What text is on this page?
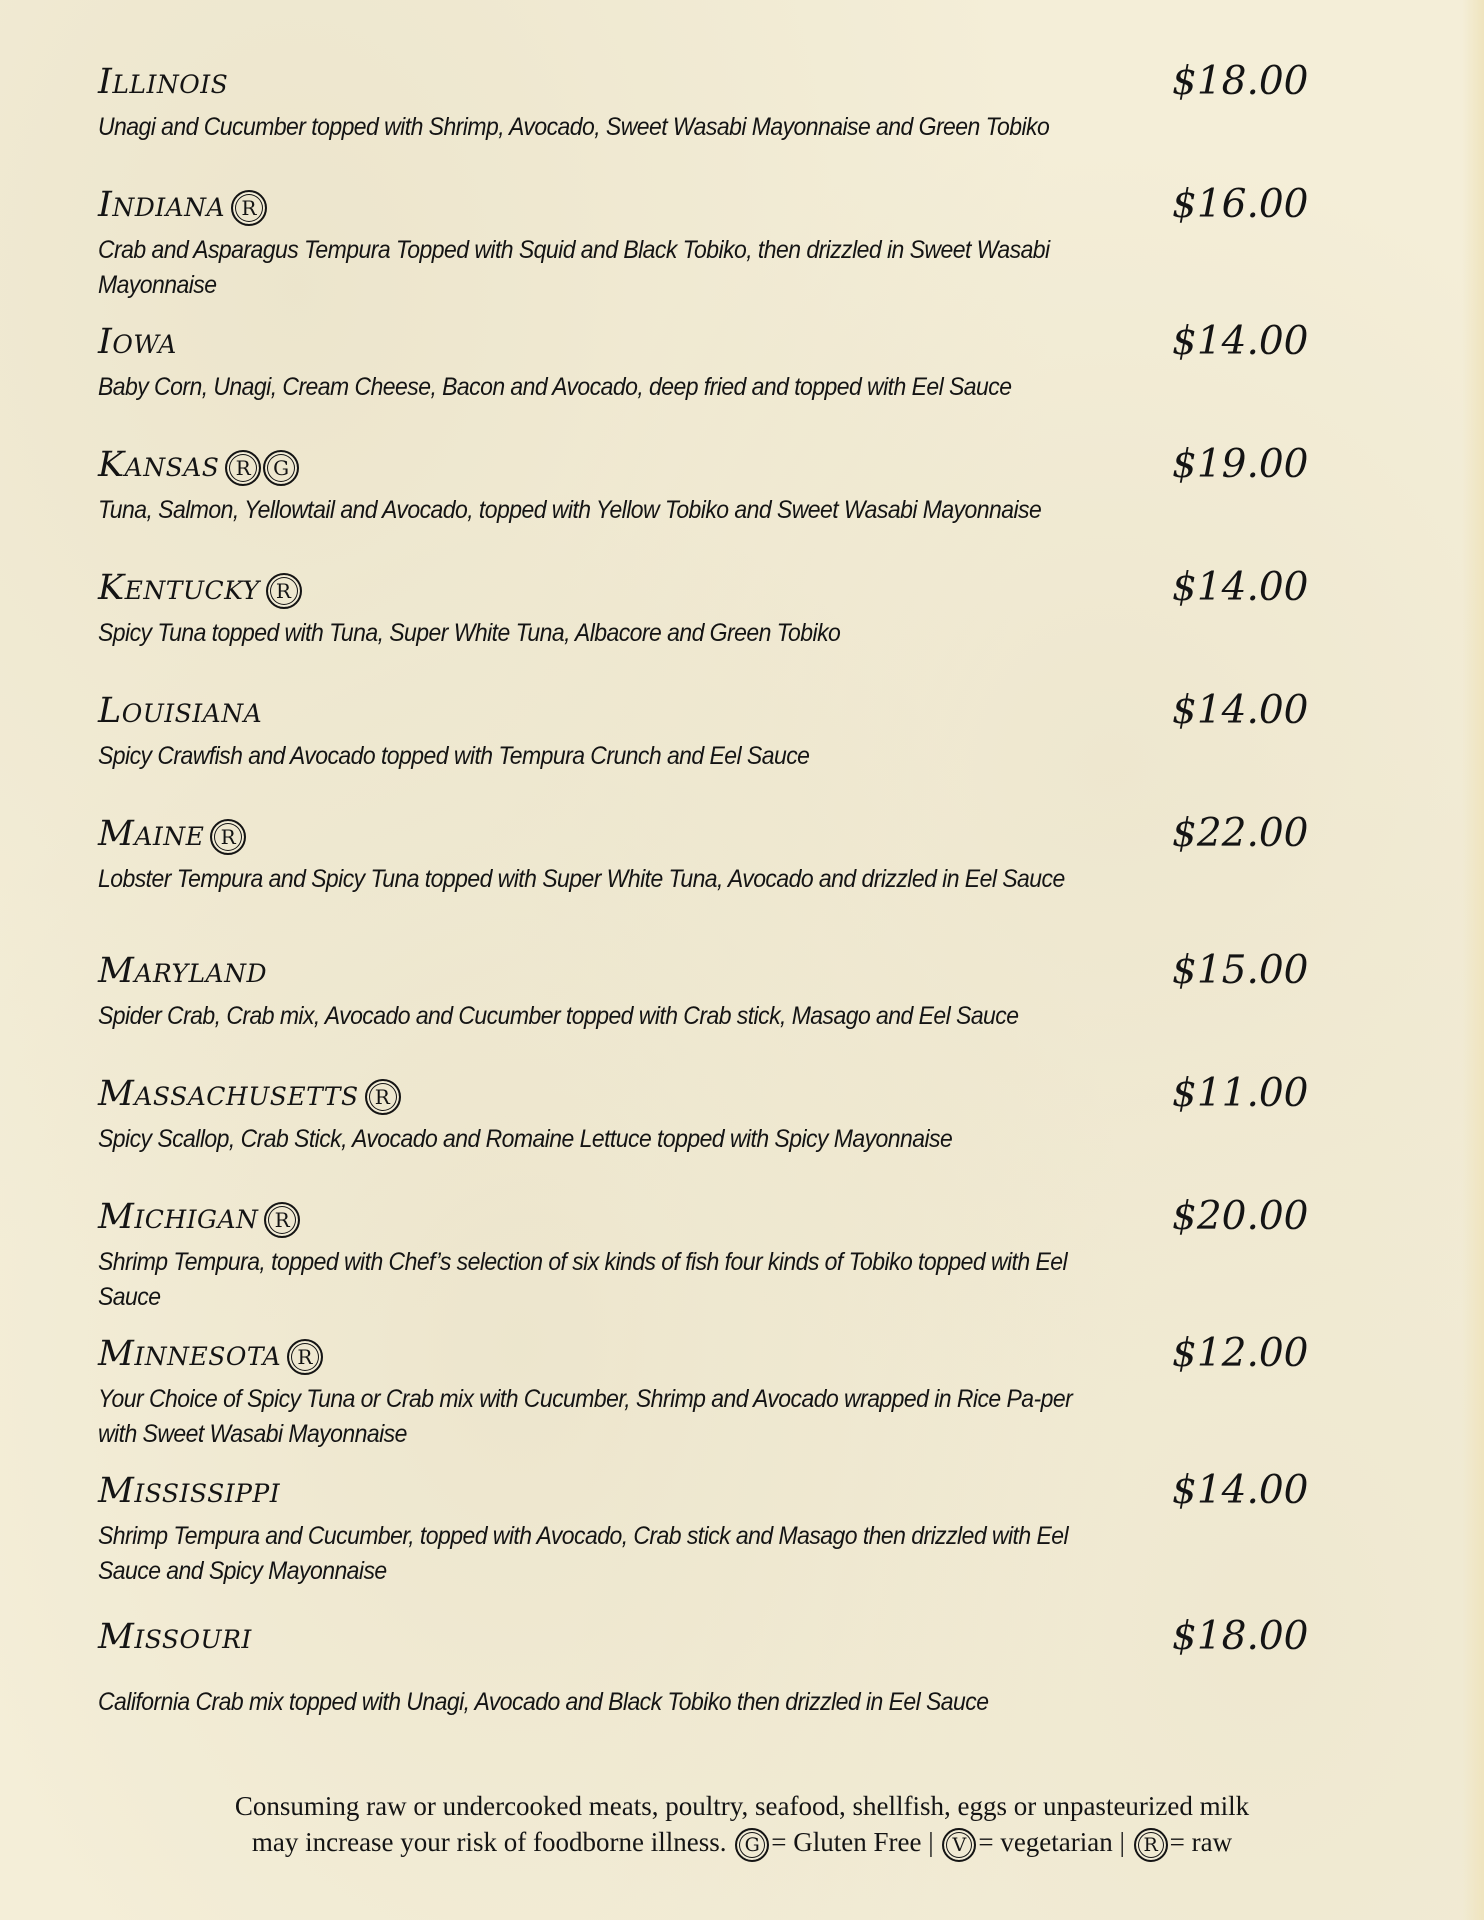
Illinois	$18.00
Unagi and Cucumber topped with Shrimp, Avocado, Sweet Wasabi Mayonnaise and Green Tobiko
Indiana R	$16.00
Crab and Asparagus Tempura Topped with Squid and Black Tobiko, then drizzled in Sweet Wasabi Mayonnaise
Iowa	$14.00
Baby Corn, Unagi, Cream Cheese, Bacon and Avocado, deep fried and topped with Eel Sauce
Kansas R G	$19.00
Tuna, Salmon, Yellowtail and Avocado, topped with Yellow Tobiko and Sweet Wasabi Mayonnaise
Kentucky R	$14.00
Spicy Tuna topped with Tuna, Super White Tuna, Albacore and Green Tobiko
Louisiana	$14.00
Spicy Crawfish and Avocado topped with Tempura Crunch and Eel Sauce
Maine R	$22.00
Lobster Tempura and Spicy Tuna topped with Super White Tuna, Avocado and drizzled in Eel Sauce
Maryland	$15.00
Spider Crab, Crab mix, Avocado and Cucumber topped with Crab stick, Masago and Eel Sauce
Massachusetts R	$11.00
Spicy Scallop, Crab Stick, Avocado and Romaine Lettuce topped with Spicy Mayonnaise
Michigan R	$20.00
Shrimp Tempura, topped with Chef’s selection of six kinds of fish four kinds of Tobiko topped with Eel Sauce
Minnesota R	$12.00
Your Choice of Spicy Tuna or Crab mix with Cucumber, Shrimp and Avocado wrapped in Rice Pa-per with Sweet Wasabi Mayonnaise
Mississippi	$14.00
Shrimp Tempura and Cucumber, topped with Avocado, Crab stick and Masago then drizzled with Eel Sauce and Spicy Mayonnaise
Missouri	$18.00
California Crab mix topped with Unagi, Avocado and Black Tobiko then drizzled in Eel Sauce
Consuming raw or undercooked meats, poultry, seafood, shellfish, eggs or unpasteurized milk
may increase your risk of foodborne illness. G = Gluten Free | V = vegetarian | R = raw
